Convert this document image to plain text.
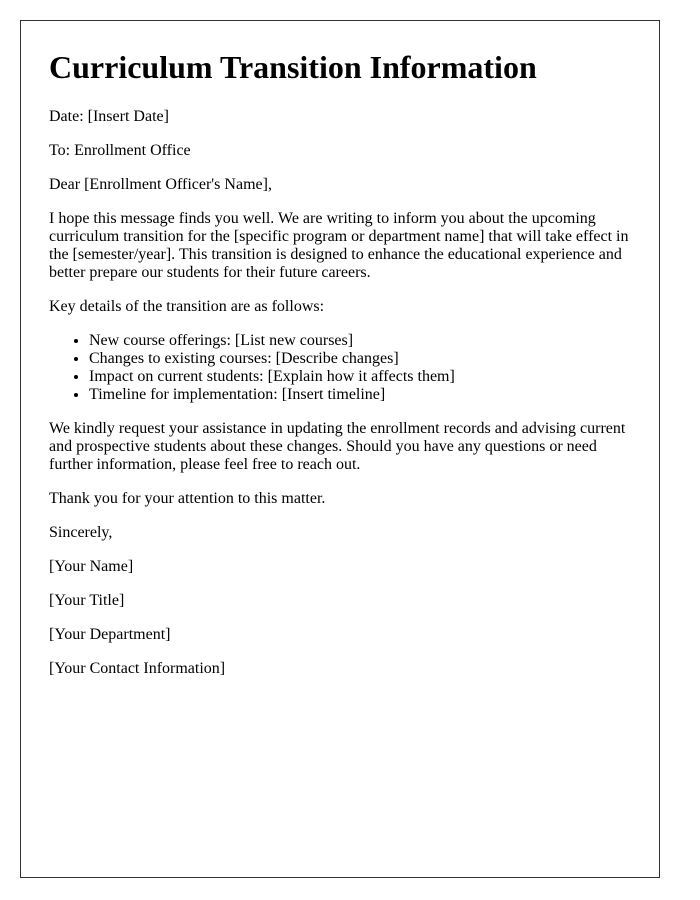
Curriculum Transition Information

Date: [Insert Date]

To: Enrollment Office

Dear [Enrollment Officer's Name],

I hope this message finds you well. We are writing to inform you about the upcoming curriculum transition for the [specific program or department name] that will take effect in the [semester/year]. This transition is designed to enhance the educational experience and better prepare our students for their future careers.

Key details of the transition are as follows:

• New course offerings: [List new courses]
• Changes to existing courses: [Describe changes]
• Impact on current students: [Explain how it affects them]
• Timeline for implementation: [Insert timeline]

We kindly request your assistance in updating the enrollment records and advising current and prospective students about these changes. Should you have any questions or need further information, please feel free to reach out.

Thank you for your attention to this matter.

Sincerely,

[Your Name]

[Your Title]

[Your Department]

[Your Contact Information]
